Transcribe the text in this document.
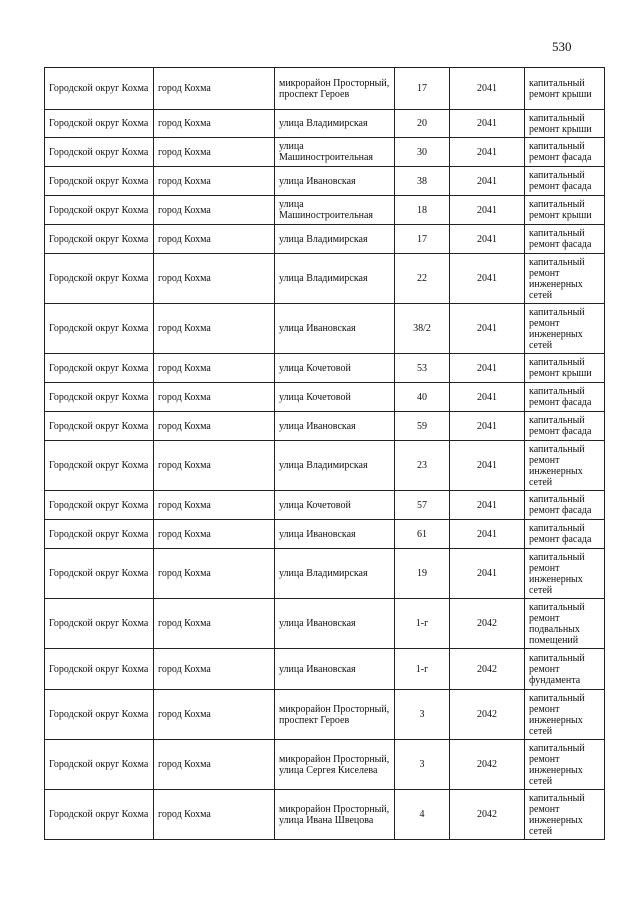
530
Городской округ Кохма	город Кохма	микрорайон Просторный, проспект Героев	17	2041	капитальный ремонт крыши
Городской округ Кохма	город Кохма	улица Владимирская	20	2041	капитальный ремонт крыши
Городской округ Кохма	город Кохма	улица Машиностроительная	30	2041	капитальный ремонт фасада
Городской округ Кохма	город Кохма	улица Ивановская	38	2041	капитальный ремонт фасада
Городской округ Кохма	город Кохма	улица Машиностроительная	18	2041	капитальный ремонт крыши
Городской округ Кохма	город Кохма	улица Владимирская	17	2041	капитальный ремонт фасада
Городской округ Кохма	город Кохма	улица Владимирская	22	2041	капитальный ремонт инженерных сетей
Городской округ Кохма	город Кохма	улица Ивановская	38/2	2041	капитальный ремонт инженерных сетей
Городской округ Кохма	город Кохма	улица Кочетовой	53	2041	капитальный ремонт крыши
Городской округ Кохма	город Кохма	улица Кочетовой	40	2041	капитальный ремонт фасада
Городской округ Кохма	город Кохма	улица Ивановская	59	2041	капитальный ремонт фасада
Городской округ Кохма	город Кохма	улица Владимирская	23	2041	капитальный ремонт инженерных сетей
Городской округ Кохма	город Кохма	улица Кочетовой	57	2041	капитальный ремонт фасада
Городской округ Кохма	город Кохма	улица Ивановская	61	2041	капитальный ремонт фасада
Городской округ Кохма	город Кохма	улица Владимирская	19	2041	капитальный ремонт инженерных сетей
Городской округ Кохма	город Кохма	улица Ивановская	1-г	2042	капитальный ремонт подвальных помещений
Городской округ Кохма	город Кохма	улица Ивановская	1-г	2042	капитальный ремонт фундамента
Городской округ Кохма	город Кохма	микрорайон Просторный, проспект Героев	3	2042	капитальный ремонт инженерных сетей
Городской округ Кохма	город Кохма	микрорайон Просторный, улица Сергея Киселева	3	2042	капитальный ремонт инженерных сетей
Городской округ Кохма	город Кохма	микрорайон Просторный, улица Ивана Швецова	4	2042	капитальный ремонт инженерных сетей
